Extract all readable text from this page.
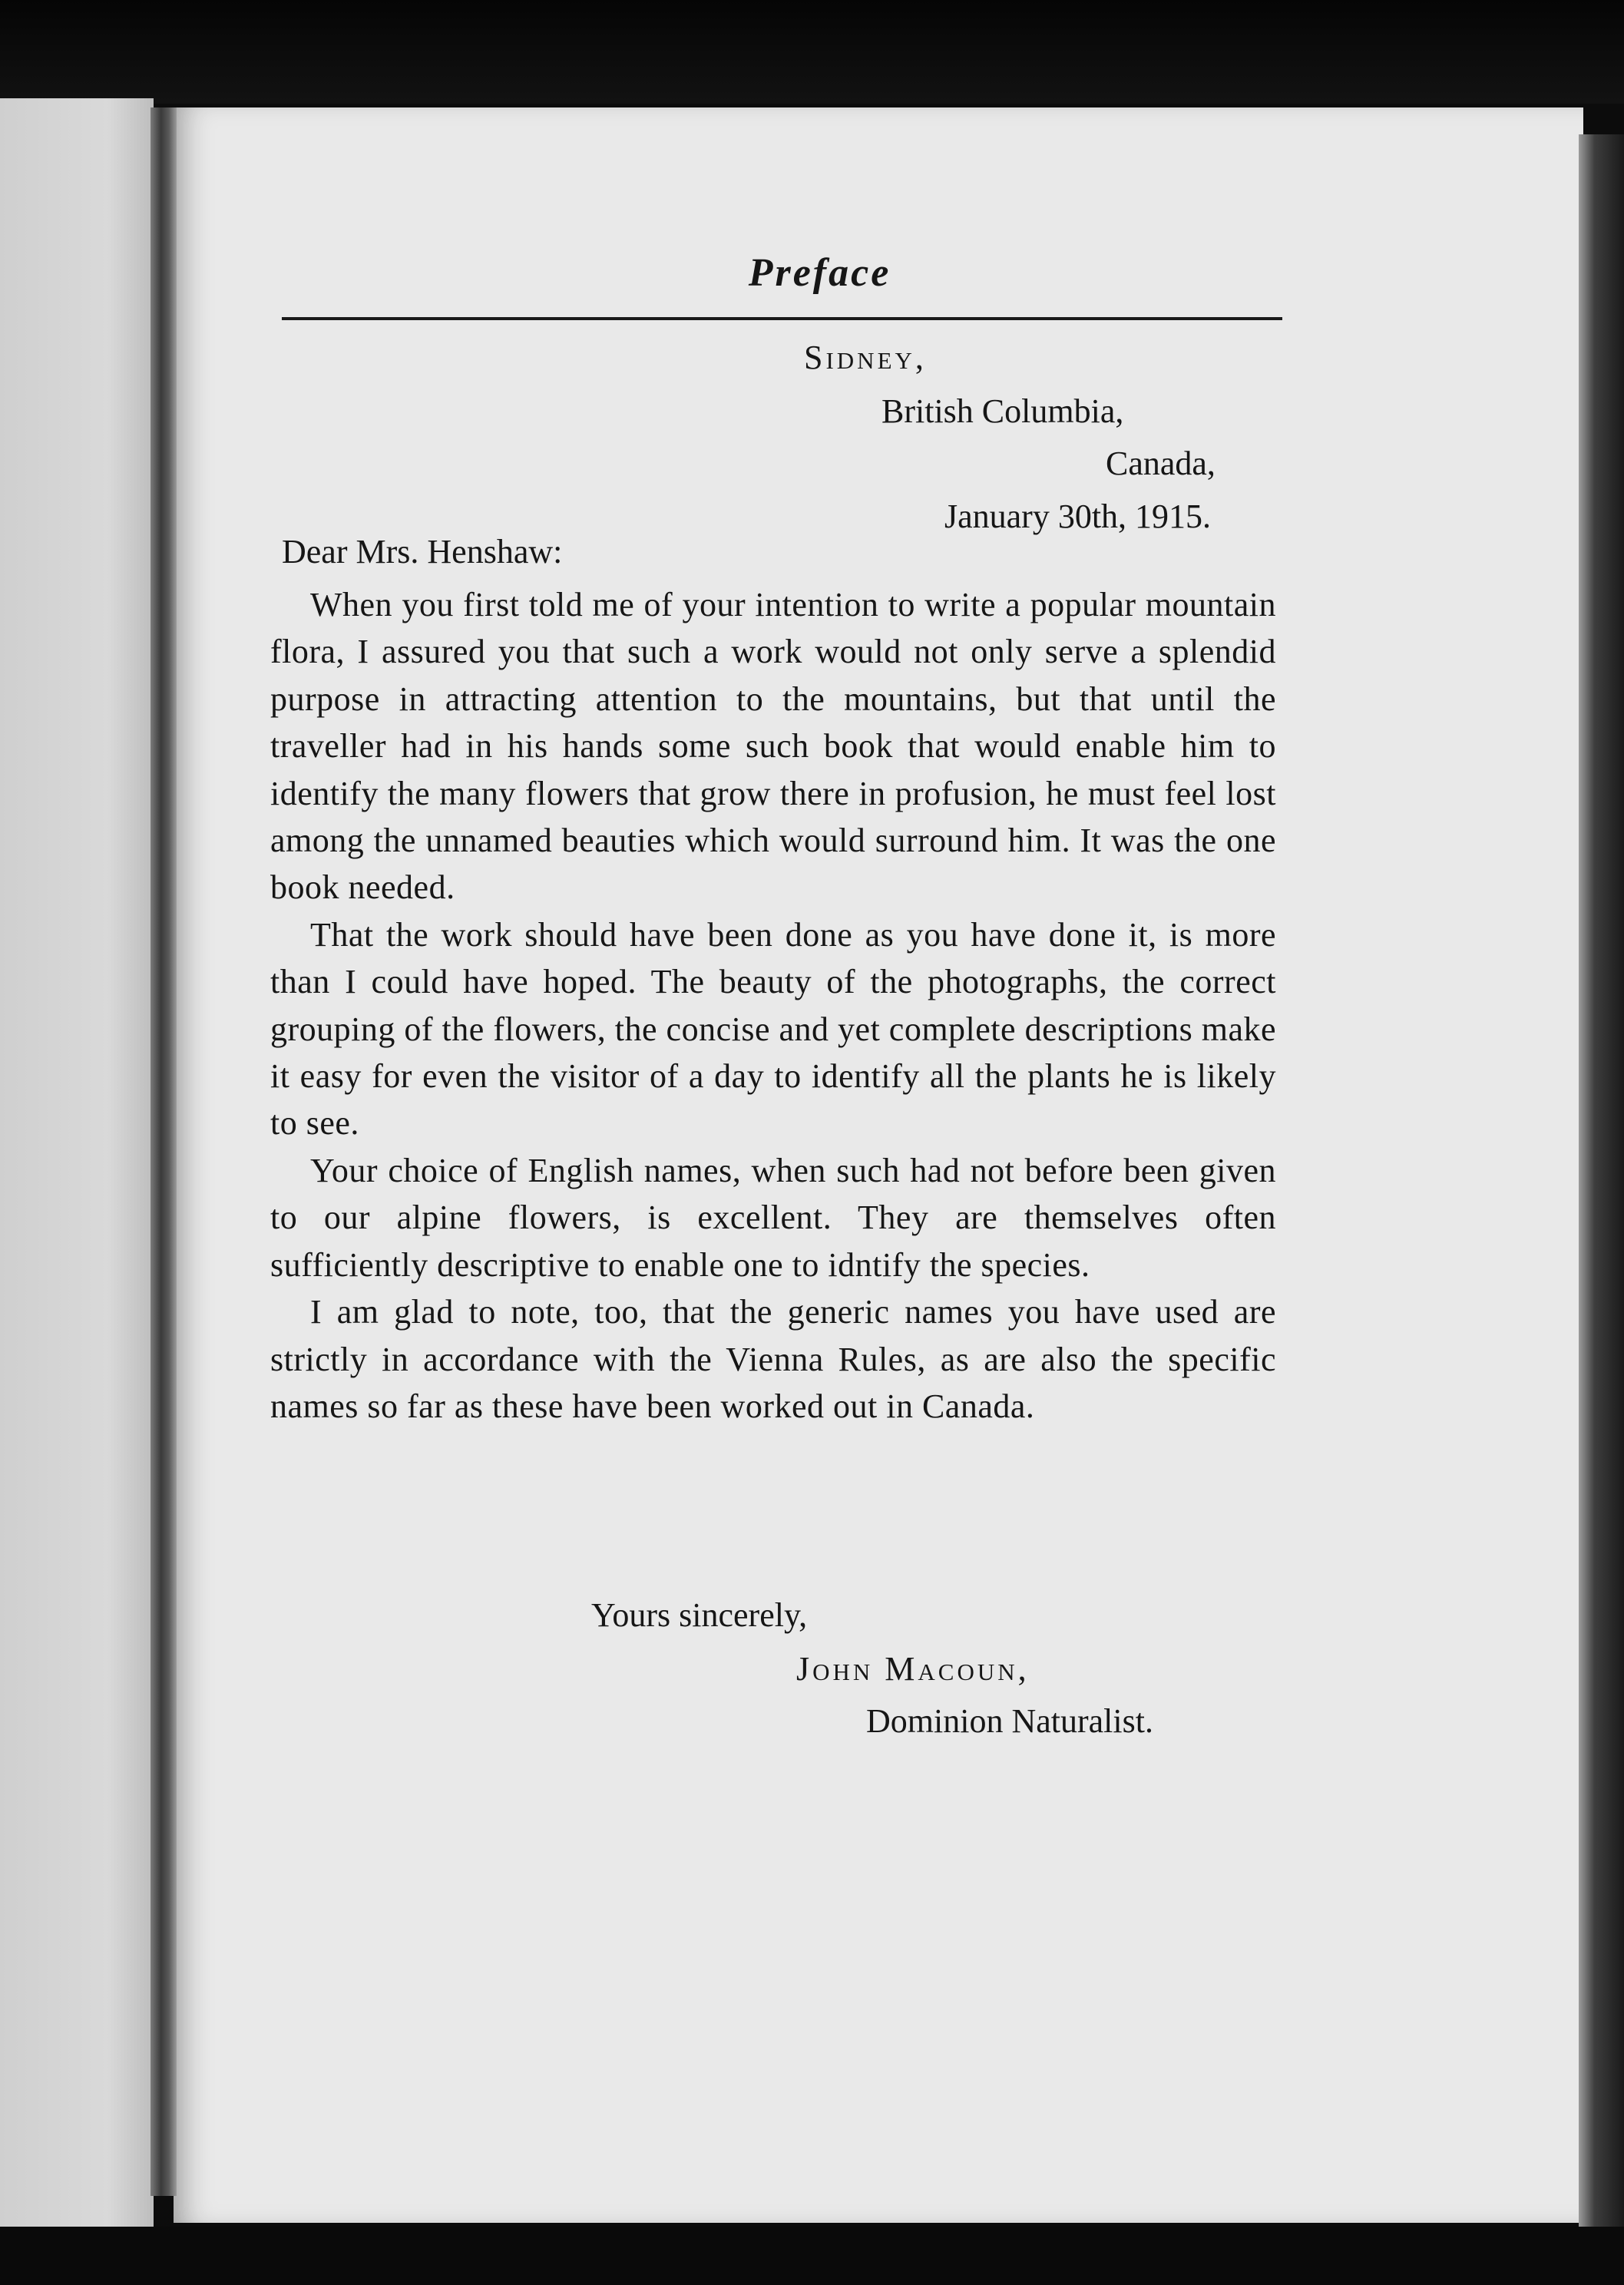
Preface
Sidney,
British Columbia,
Canada,
January 30th, 1915.
Dear Mrs. Henshaw:

When you first told me of your intention to write a popular mountain flora, I assured you that such a work would not only serve a splendid purpose in attracting attention to the mountains, but that until the traveller had in his hands some such book that would enable him to identify the many flowers that grow there in profusion, he must feel lost among the unnamed beauties which would surround him. It was the one book needed.

That the work should have been done as you have done it, is more than I could have hoped. The beauty of the photographs, the correct grouping of the flowers, the concise and yet complete descriptions make it easy for even the visitor of a day to identify all the plants he is likely to see.

Your choice of English names, when such had not before been given to our alpine flowers, is excellent. They are themselves often sufficiently descriptive to enable one to idntify the species.

I am glad to note, too, that the generic names you have used are strictly in accordance with the Vienna Rules, as are also the specific names so far as these have been worked out in Canada.

Yours sincerely,
John Macoun,
Dominion Naturalist.
